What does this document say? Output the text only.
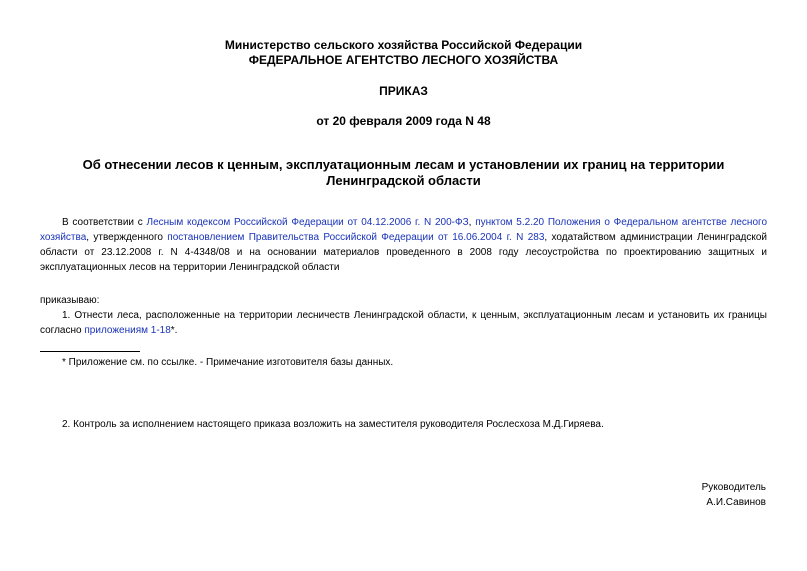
Министерство сельского хозяйства Российской Федерации
ФЕДЕРАЛЬНОЕ АГЕНТСТВО ЛЕСНОГО ХОЗЯЙСТВА
ПРИКАЗ
от 20 февраля 2009 года N 48
Об отнесении лесов к ценным, эксплуатационным лесам и установлении их границ на территории
Ленинградской области
В соответствии с Лесным кодексом Российской Федерации от 04.12.2006 г. N 200-ФЗ, пунктом 5.2.20 Положения о Федеральном агентстве лесного хозяйства, утвержденного постановлением Правительства Российской Федерации от 16.06.2004 г. N 283, ходатайством администрации Ленинградской области от 23.12.2008 г. N 4-4348/08 и на основании материалов проведенного в 2008 году лесоустройства по проектированию защитных и эксплуатационных лесов на территории Ленинградской области
приказываю:
1. Отнести леса, расположенные на территории лесничеств Ленинградской области, к ценным, эксплуатационным лесам и установить их границы согласно приложениям 1-18*.
* Приложение см. по ссылке. - Примечание изготовителя базы данных.
2. Контроль за исполнением настоящего приказа возложить на заместителя руководителя Рослесхоза М.Д.Гиряева.
Руководитель
А.И.Савинов
